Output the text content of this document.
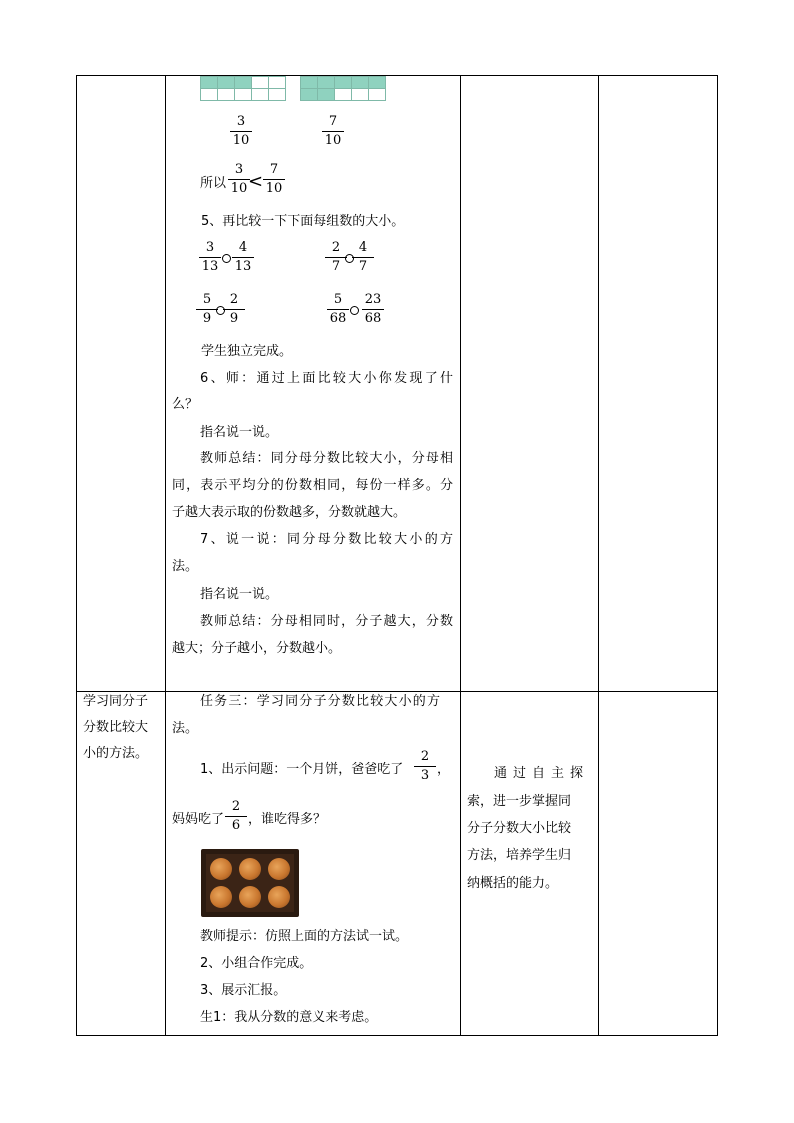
3
10
7
10
所以
3
10 <
7
10
5、再比较一下下面每组数的大小。
3
13
4
13
2
7
4
7
5
9
2
9
5
68
23
68
学生独立完成。
6、师：通过上面比较大小你发现了什
么？
指名说一说。
教师总结：同分母分数比较大小，分母相
同，表示平均分的份数相同，每份一样多。分
子越大表示取的份数越多，分数就越大。
7、说一说：同分母分数比较大小的方
法。
指名说一说。
教师总结：分母相同时，分子越大，分数
越大；分子越小，分数越小。
学习同分子
分数比较大
小的方法。
任务三：学习同分子分数比较大小的方
法。
1、出示问题：一个月饼，爸爸吃了
2
3 ，
妈妈吃了
2
6 ，谁吃得多？
教师提示：仿照上面的方法试一试。
2、小组合作完成。
3、展示汇报。
生1：我从分数的意义来考虑。
通过自主探
索，进一步掌握同
分子分数大小比较
方法，培养学生归
纳概括的能力。
